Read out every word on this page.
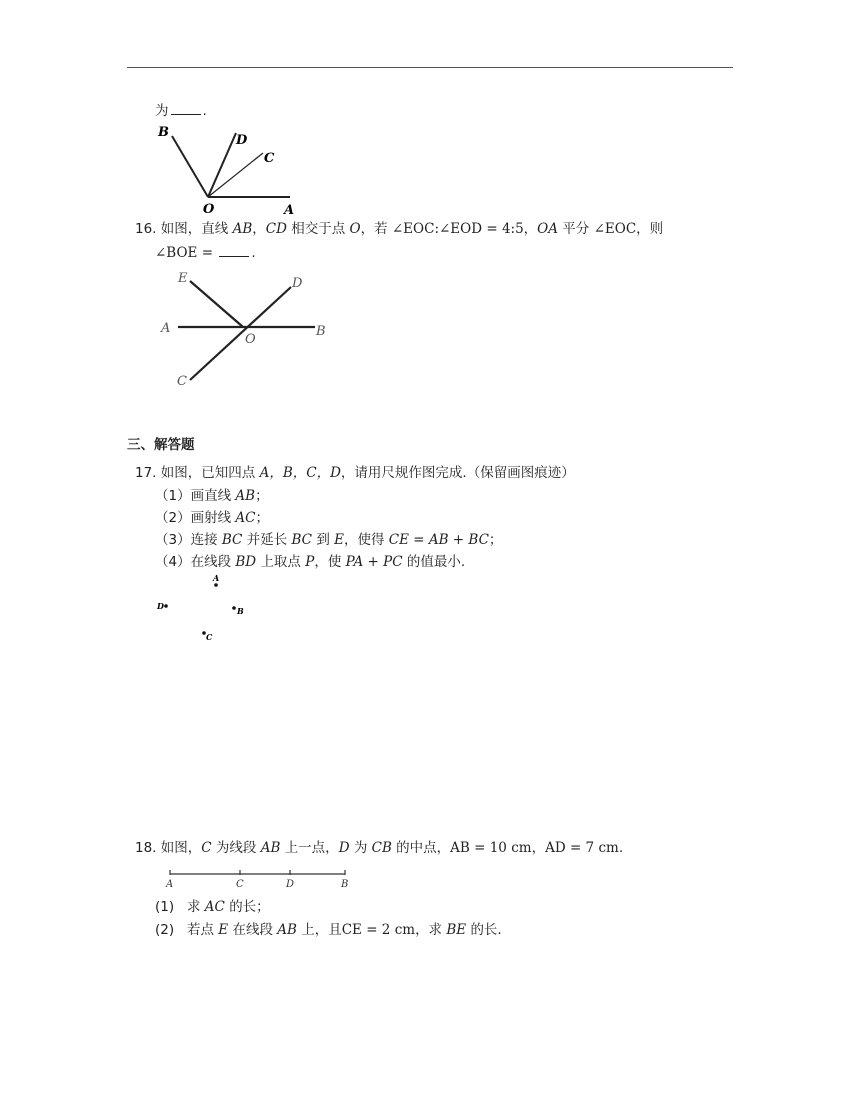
为	.
B
D
C
O	A
16. 如图，直线 AB，CD 相交于点 O，若 ∠EOC:∠EOD = 4:5，OA 平分 ∠EOC，则
∠BOE =	.
E	D
A
O
B
C
三、解答题
17. 如图，已知四点 A，B，C，D，请用尺规作图完成.（保留画图痕迹）
（1）画直线 AB；
（2）画射线 AC；
（3）连接 BC 并延长 BC 到 E，使得 CE = AB + BC；
（4）在线段 BD 上取点 P，使 PA + PC 的值最小.
A
D	B
C
18. 如图，C 为线段 AB 上一点，D 为 CB 的中点，AB = 10 cm，AD = 7 cm.
A	C	D	B
(1) 求 AC 的长；
(2) 若点 E 在线段 AB 上，且CE = 2 cm，求 BE 的长.
